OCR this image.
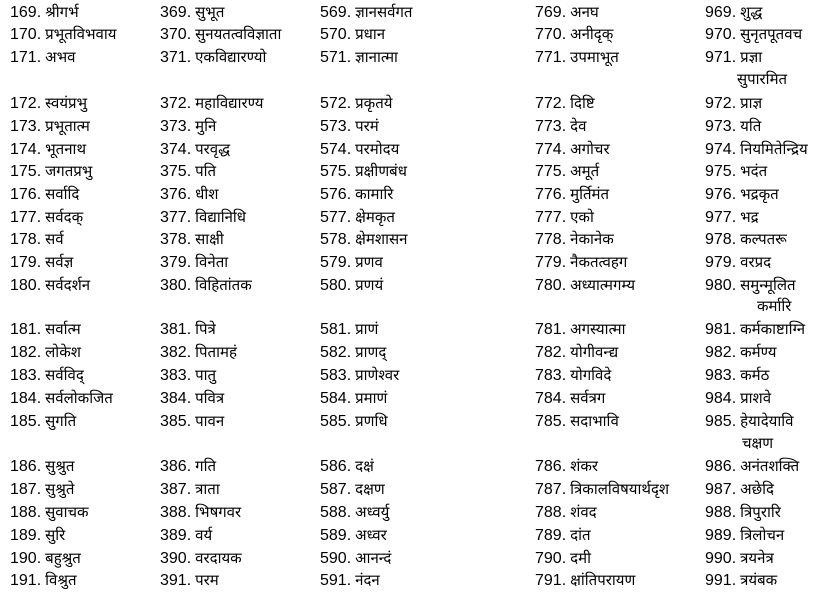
169. श्रीगर्भ
170. प्रभूतविभवाय
171. अभव
172. स्वयंप्रभु
173. प्रभूतात्म
174. भूतनाथ
175. जगतप्रभु
176. सर्वादि
177. सर्वदक्
178. सर्व
179. सर्वज्ञ
180. सर्वदर्शन
181. सर्वात्म
182. लोकेश
183. सर्वविद्
184. सर्वलोकजित
185. सुगति
186. सुश्रुत
187. सुश्रुते
188. सुवाचक
189. सुरि
190. बहुश्रुत
191. विश्रुत
369. सुभूत
370. सुनयतत्वविज्ञाता
371. एकविद्यारण्यो
372. महाविद्यारण्य
373. मुनि
374. परवृद्ध
375. पति
376. धीश
377. विद्यानिधि
378. साक्षी
379. विनेता
380. विहितांतक
381. पित्रे
382. पितामहं
383. पातु
384. पवित्र
385. पावन
386. गति
387. त्राता
388. भिषगवर
389. वर्य
390. वरदायक
391. परम
569. ज्ञानसर्वगत
570. प्रधान
571. ज्ञानात्मा
572. प्रकृतये
573. परमं
574. परमोदय
575. प्रक्षीणबंध
576. कामारि
577. क्षेमकृत
578. क्षेमशासन
579. प्रणव
580. प्रणयं
581. प्राणं
582. प्राणद्
583. प्राणेश्वर
584. प्रमाणं
585. प्रणधि
586. दक्षं
587. दक्षण
588. अध्वर्यु
589. अध्वर
590. आनन्दं
591. नंदन
769. अनघ
770. अनीदृक्
771. उपमाभूत
772. दिष्टि
773. देव
774. अगोचर
775. अमूर्त
776. मुर्तिमंत
777. एको
778. नेकानेक
779. नैकतत्वहग
780. अध्यात्मगम्य
781. अगस्यात्मा
782. योगीवन्द्य
783. योगविदे
784. सर्वत्रग
785. सदाभावि
786. शंकर
787. त्रिकालविषयार्थदृश
788. शंवद
789. दांत
790. दमी
791. क्षांतिपरायण
969. शुद्ध
970. सुनृतपूतवच
971. प्रज्ञा
972. प्राज्ञ
973. यति
974. नियमितेन्द्रिय
975. भदंत
976. भद्रकृत
977. भद्र
978. कल्पतरू
979. वरप्रद
980. समुन्मूलित
981. कर्मकाष्टाग्नि
982. कर्मण्य
983. कर्मठ
984. प्राशवे
985. हेयादेयावि
986. अनंतशक्ति
987. अछेदि
988. त्रिपुरारि
989. त्रिलोचन
990. त्रयनेत्र
991. त्रयंबक
सुपारमित
कर्मारि
चक्षण
